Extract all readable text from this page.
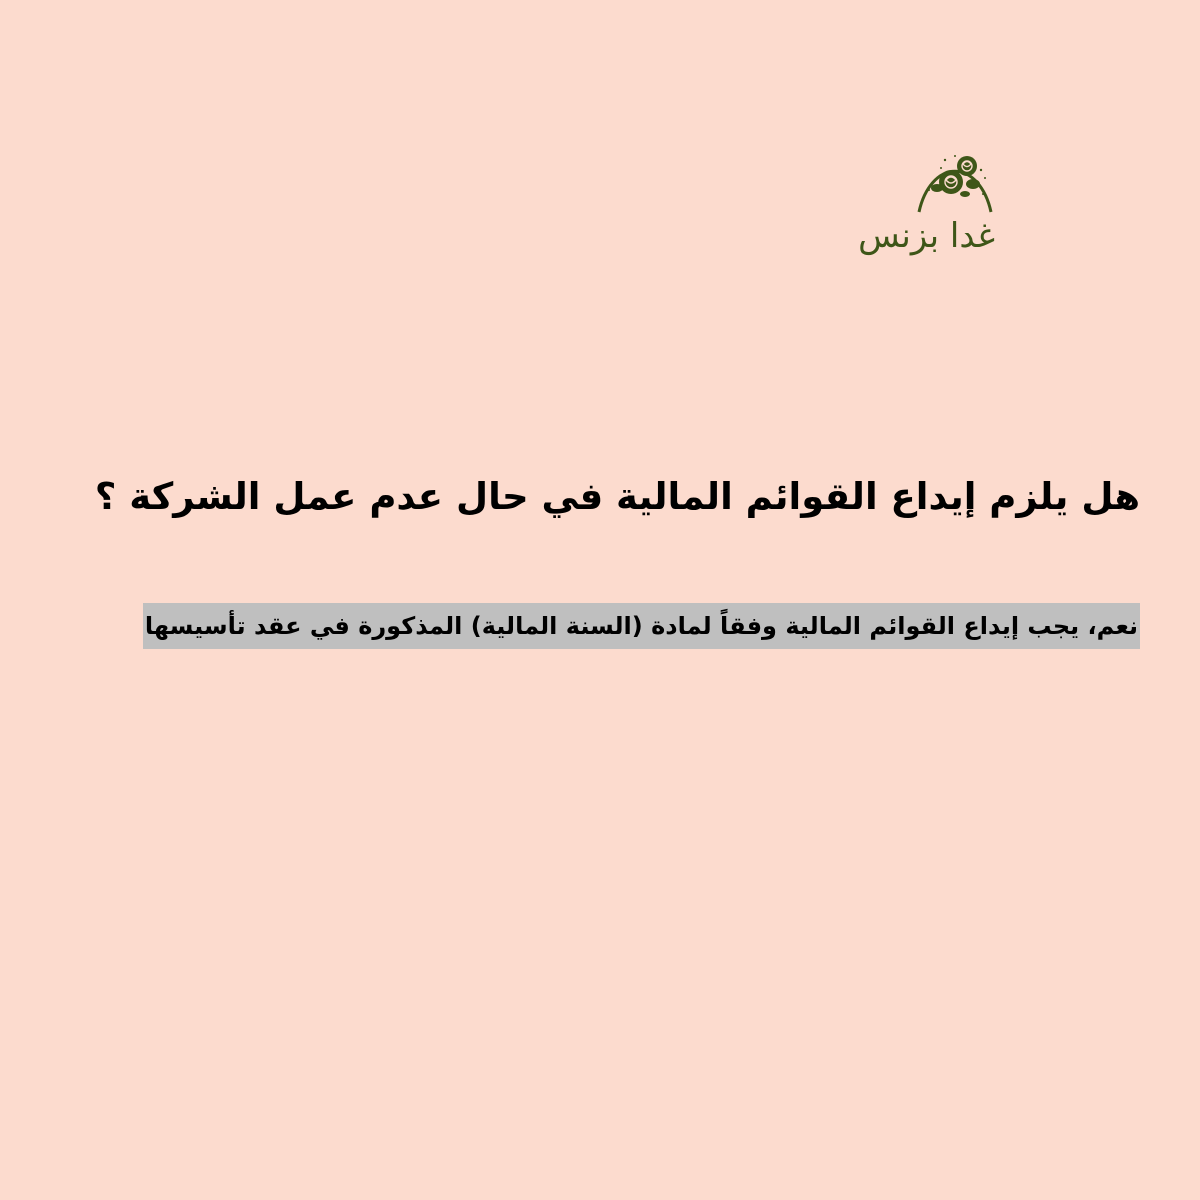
غدا بزنس
هل يلزم إيداع القوائم المالية في حال عدم عمل الشركة ؟
نعم، يجب إيداع القوائم المالية وفقاً لمادة (السنة المالية) المذكورة في عقد تأسيسها
